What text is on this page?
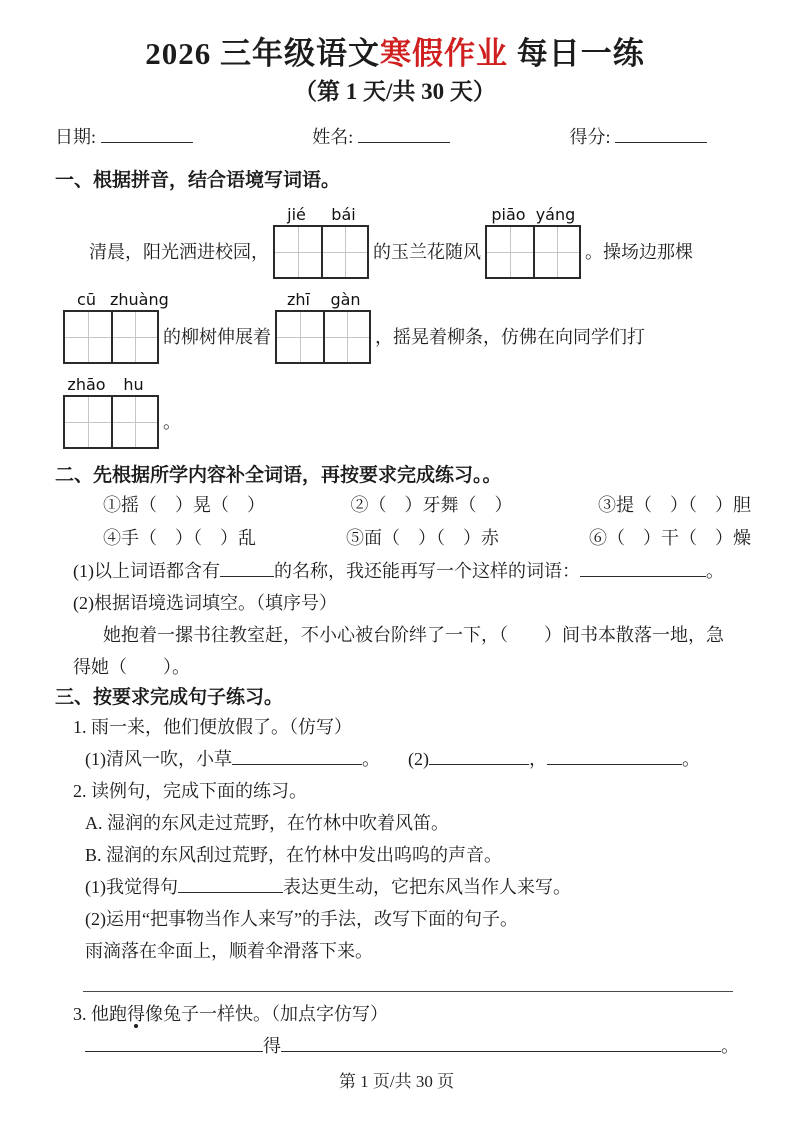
2026 三年级语文寒假作业 每日一练
（第 1 天/共 30 天）
日期:	姓名:	得分:
一、根据拼音，结合语境写词语。
清晨，阳光洒进校园，
jié	bái
的玉兰花随风
piāo yáng
。操场边那棵
cū zhuàng
的柳树伸展着
zhī	gàn
，摇晃着柳条，仿佛在向同学们打
zhāo	hu
。
二、先根据所学内容补全词语，再按要求完成练习。。
①摇（　）晃（　）	②（　）牙舞（　）	③提（　）（　）胆
④手（　）（　）乱	⑤面（　）（　）赤	⑥（　）干（　）燥
(1)以上词语都含有	的名称，我还能再写一个这样的词语：	。
(2)根据语境选词填空。（填序号）
她抱着一摞书往教室赶，不小心被台阶绊了一下，（　　）间书本散落一地，急
得她（　　）。
三、按要求完成句子练习。
1. 雨一来，他们便放假了。（仿写）
(1)清风一吹，小草	。 (2)	，	。
2. 读例句，完成下面的练习。
A. 湿润的东风走过荒野，在竹林中吹着风笛。
B. 湿润的东风刮过荒野，在竹林中发出呜呜的声音。
(1)我觉得句	表达更生动，它把东风当作人来写。
(2)运用“把事物当作人来写”的手法，改写下面的句子。
雨滴落在伞面上，顺着伞滑落下来。
3. 他跑得像兔子一样快。（加点字仿写）
得	。
第 1 页/共 30 页
